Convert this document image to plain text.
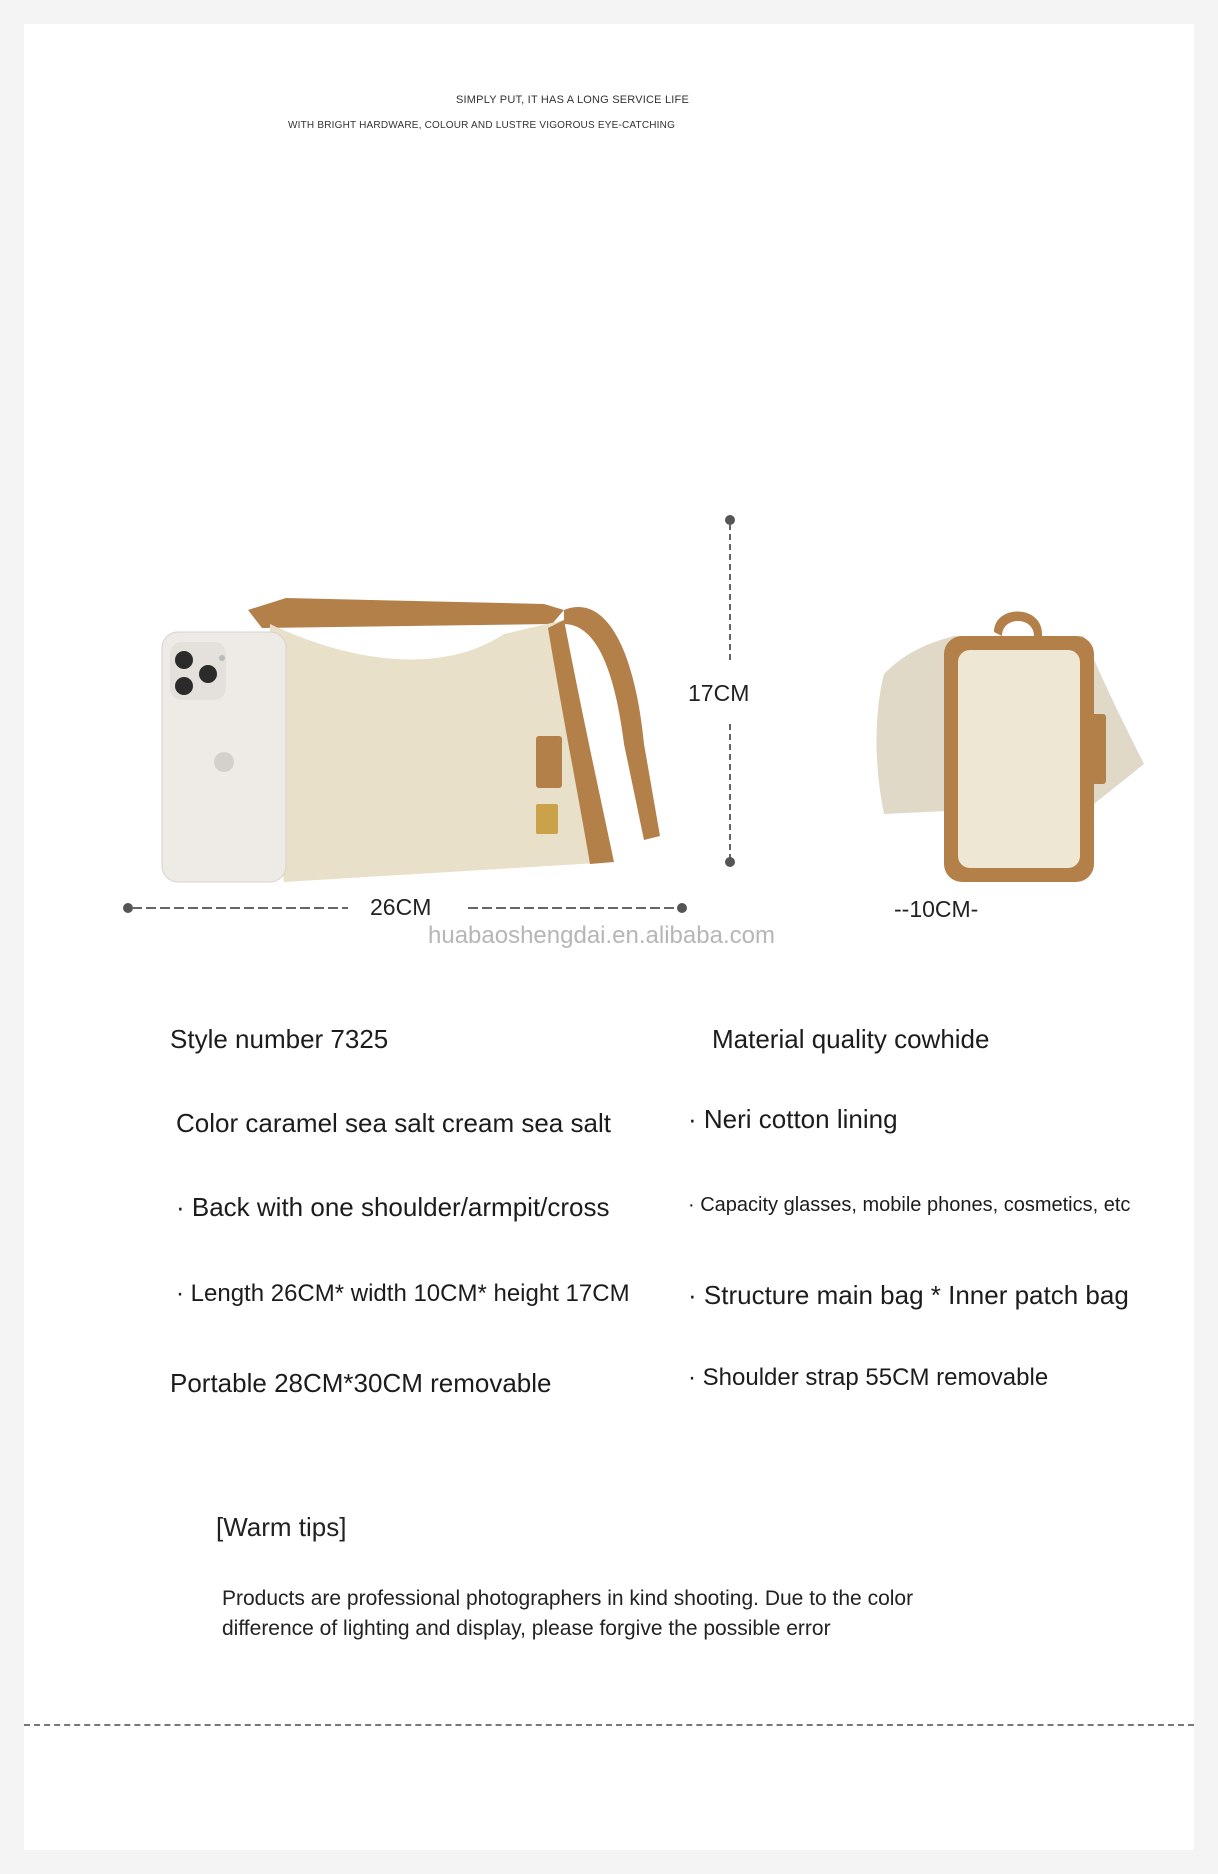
SIMPLY PUT, IT HAS A LONG SERVICE LIFE
WITH BRIGHT HARDWARE, COLOUR AND LUSTRE VIGOROUS EYE-CATCHING
17CM
26CM	--10CM-
huabaoshengdai.en.alibaba.com
Style number 7325
Color caramel sea salt cream sea salt
· Back with one shoulder/armpit/cross
· Length 26CM* width 10CM* height 17CM
Portable 28CM*30CM removable
Material quality cowhide
· Neri cotton lining
· Capacity glasses, mobile phones, cosmetics, etc
· Structure main bag * Inner patch bag
· Shoulder strap 55CM removable
[Warm tips]
Products are professional photographers in kind shooting. Due to the color
difference of lighting and display, please forgive the possible error
